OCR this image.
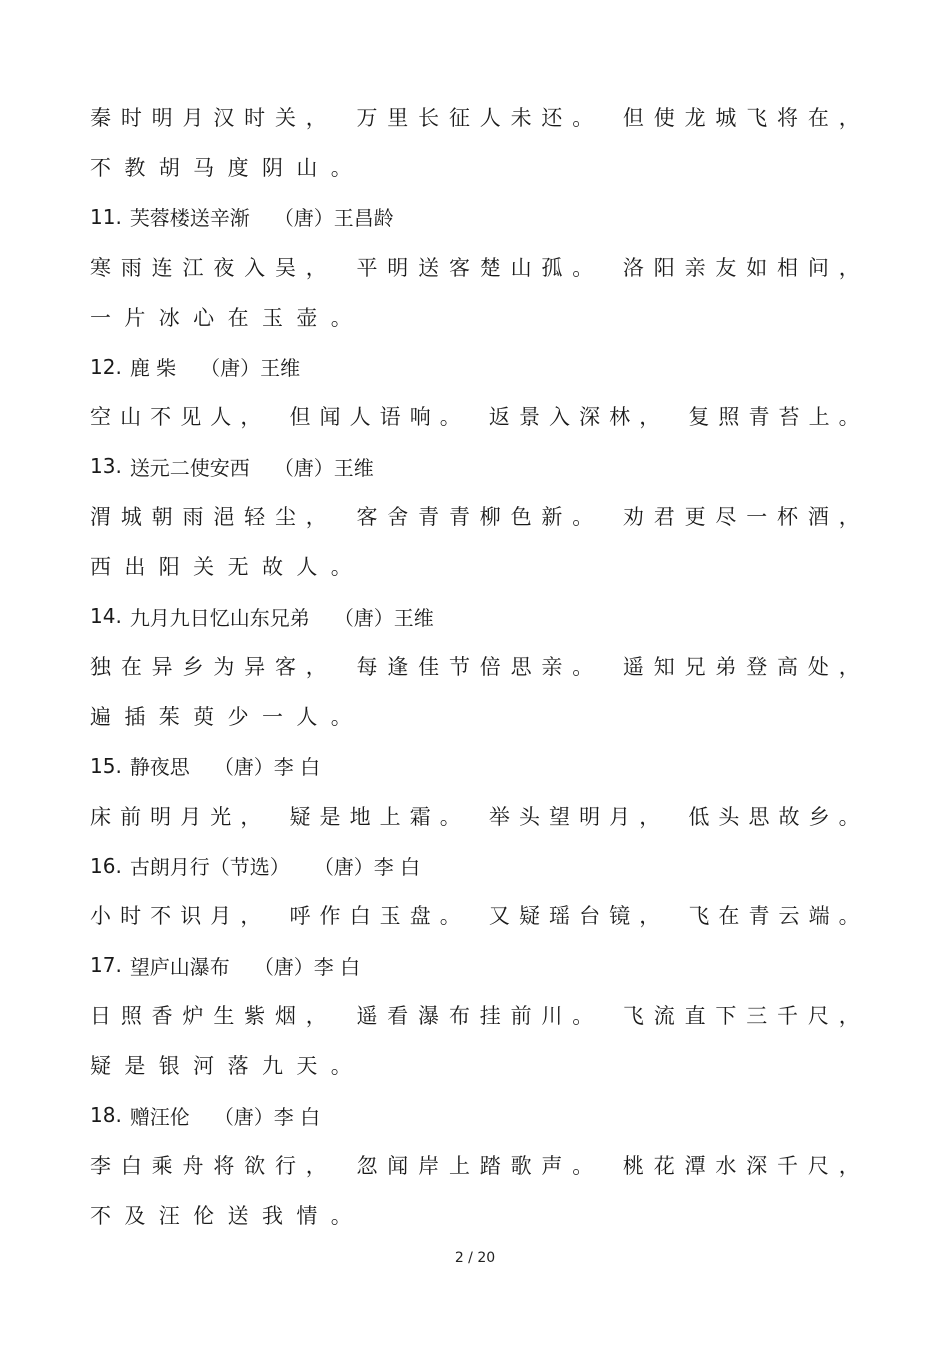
秦 时 明 月 汉 时 关 ， 万 里 长 征 人 未 还 。 但 使 龙 城 飞 将 在 ，
不 教 胡 马 度 阴 山 。
11. 芙蓉楼送辛渐 （唐）王昌龄
寒 雨 连 江 夜 入 吴 ， 平 明 送 客 楚 山 孤 。 洛 阳 亲 友 如 相 问 ，
一 片 冰 心 在 玉 壶 。
12. 鹿 柴 （唐）王维
空 山 不 见 人 ， 但 闻 人 语 响 。 返 景 入 深 林 ， 复 照 青 苔 上 。
13. 送元二使安西 （唐）王维
渭 城 朝 雨 浥 轻 尘 ， 客 舍 青 青 柳 色 新 。 劝 君 更 尽 一 杯 酒 ，
西 出 阳 关 无 故 人 。
14. 九月九日忆山东兄弟 （唐）王维
独 在 异 乡 为 异 客 ， 每 逢 佳 节 倍 思 亲 。 遥 知 兄 弟 登 高 处 ，
遍 插 茱 萸 少 一 人 。
15. 静夜思 （唐）李 白
床 前 明 月 光 ， 疑 是 地 上 霜 。 举 头 望 明 月 ， 低 头 思 故 乡 。
16. 古朗月行（节选） （唐）李 白
小 时 不 识 月 ， 呼 作 白 玉 盘 。 又 疑 瑶 台 镜 ， 飞 在 青 云 端 。
17. 望庐山瀑布 （唐）李 白
日 照 香 炉 生 紫 烟 ， 遥 看 瀑 布 挂 前 川 。 飞 流 直 下 三 千 尺 ，
疑 是 银 河 落 九 天 。
18. 赠汪伦 （唐）李 白
李 白 乘 舟 将 欲 行 ， 忽 闻 岸 上 踏 歌 声 。 桃 花 潭 水 深 千 尺 ，
不 及 汪 伦 送 我 情 。
2 / 20
